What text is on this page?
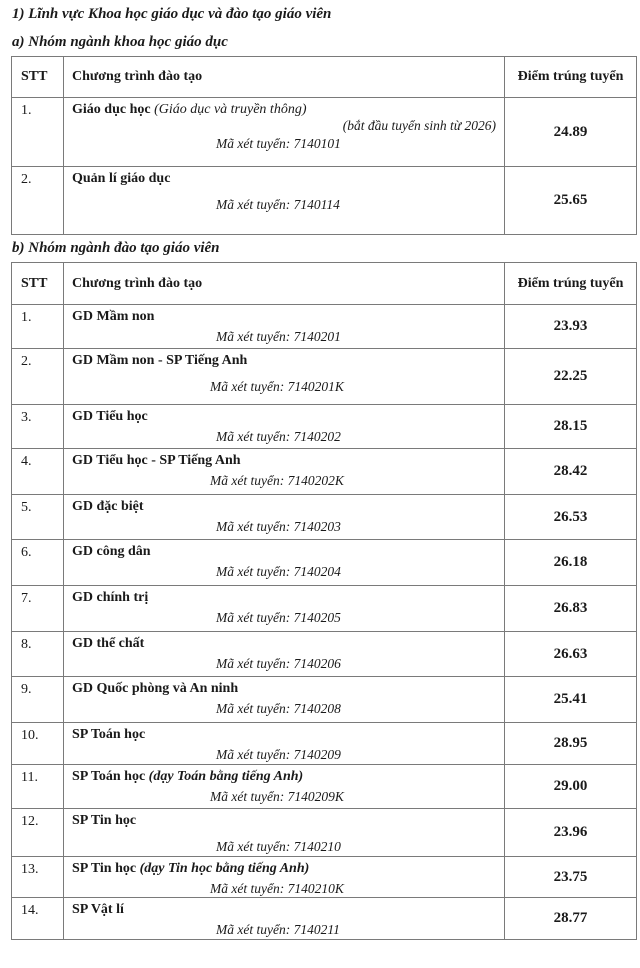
1) Lĩnh vực Khoa học giáo dục và đào tạo giáo viên
a) Nhóm ngành khoa học giáo dục
STT	Chương trình đào tạo	Điểm trúng tuyển
1.	Giáo dục học (Giáo dục và truyền thông)
(bắt đầu tuyển sinh từ 2026)
Mã xét tuyển: 7140101	24.89
2.	Quản lí giáo dục
Mã xét tuyển: 7140114	25.65
b) Nhóm ngành đào tạo giáo viên
STT	Chương trình đào tạo	Điểm trúng tuyển
1.	GD Mầm non
Mã xét tuyển: 7140201	23.93
2.	GD Mầm non - SP Tiếng Anh
Mã xét tuyển: 7140201K	22.25
3.	GD Tiểu học
Mã xét tuyển: 7140202	28.15
4.	GD Tiểu học - SP Tiếng Anh
Mã xét tuyển: 7140202K	28.42
5.	GD đặc biệt
Mã xét tuyển: 7140203	26.53
6.	GD công dân
Mã xét tuyển: 7140204	26.18
7.	GD chính trị
Mã xét tuyển: 7140205	26.83
8.	GD thể chất
Mã xét tuyển: 7140206	26.63
9.	GD Quốc phòng và An ninh
Mã xét tuyển: 7140208	25.41
10.	SP Toán học
Mã xét tuyển: 7140209	28.95
11.	SP Toán học (dạy Toán bằng tiếng Anh)
Mã xét tuyển: 7140209K	29.00
12.	SP Tin học
Mã xét tuyển: 7140210	23.96
13.	SP Tin học (dạy Tin học bằng tiếng Anh)
Mã xét tuyển: 7140210K	23.75
14.	SP Vật lí
Mã xét tuyển: 7140211	28.77
